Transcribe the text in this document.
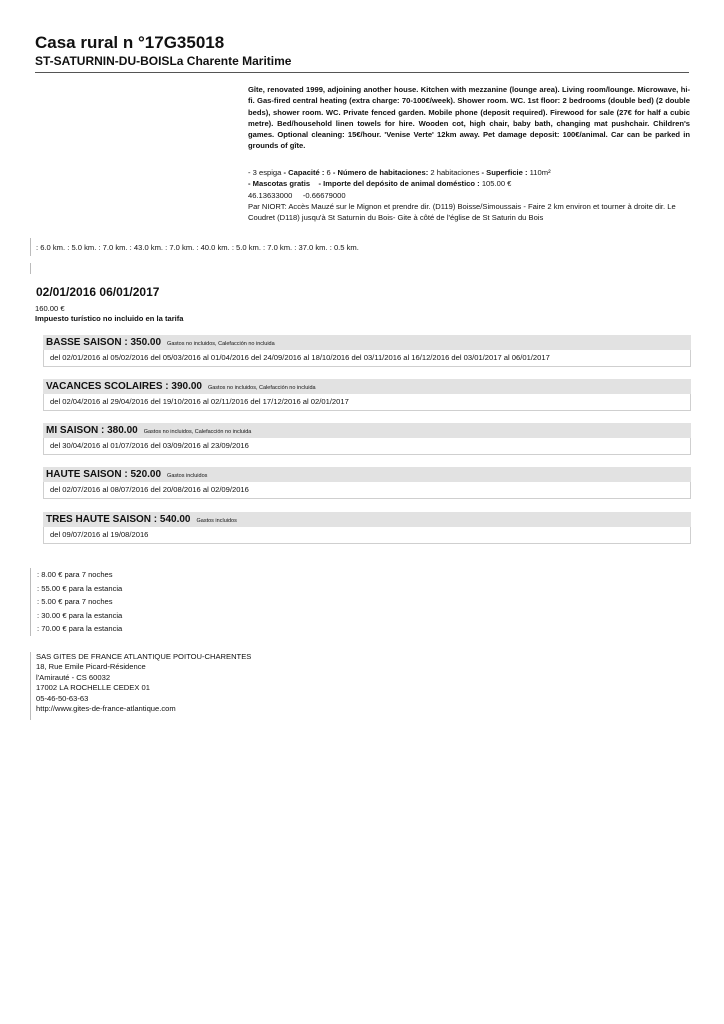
Casa rural n °17G35018
ST-SATURNIN-DU-BOISLa Charente Maritime
Gîte, renovated 1999, adjoining another house. Kitchen with mezzanine (lounge area). Living room/lounge. Microwave, hi-fi. Gas-fired central heating (extra charge: 70-100€/week). Shower room. WC. 1st floor: 2 bedrooms (double bed) (2 double beds), shower room. WC. Private fenced garden. Mobile phone (deposit required). Firewood for sale (27€ for half a cubic metre). Bed/household linen towels for hire. Wooden cot, high chair, baby bath, changing mat pushchair. Children's games. Optional cleaning: 15€/hour. 'Venise Verte' 12km away. Pet damage deposit: 100€/animal. Car can be parked in grounds of gîte.
- 3 espiga - Capacité : 6 - Número de habitaciones: 2 habitaciones - Superficie : 110m²
- Mascotas gratis - Importe del depósito de animal doméstico : 105.00 €
46.13633000 -0.66679000
Par NIORT: Accès Mauzé sur le Mignon et prendre dir. (D119) Boisse/Simoussais - Faire 2 km environ et tourner à droite dir. Le Coudret (D118) jusqu'à St Saturnin du Bois- Gite à côté de l'église de St Saturin du Bois
: 6.0 km. : 5.0 km. : 7.0 km. : 43.0 km. : 7.0 km. : 40.0 km. : 5.0 km. : 7.0 km. : 37.0 km. : 0.5 km.
02/01/2016 06/01/2017
160.00 €
Impuesto turístico no incluido en la tarifa
BASSE SAISON : 350.00 Gastos no incluidos, Calefacción no incluida
del 02/01/2016 al 05/02/2016 del 05/03/2016 al 01/04/2016 del 24/09/2016 al 18/10/2016 del 03/11/2016 al 16/12/2016 del 03/01/2017 al 06/01/2017
VACANCES SCOLAIRES : 390.00 Gastos no incluidos, Calefacción no incluida
del 02/04/2016 al 29/04/2016 del 19/10/2016 al 02/11/2016 del 17/12/2016 al 02/01/2017
MI SAISON : 380.00 Gastos no incluidos, Calefacción no incluida
del 30/04/2016 al 01/07/2016 del 03/09/2016 al 23/09/2016
HAUTE SAISON : 520.00 Gastos incluidos
del 02/07/2016 al 08/07/2016 del 20/08/2016 al 02/09/2016
TRES HAUTE SAISON : 540.00 Gastos incluidos
del 09/07/2016 al 19/08/2016
: 8.00 € para 7 noches
: 55.00 € para la estancia
: 5.00 € para 7 noches
: 30.00 € para la estancia
: 70.00 € para la estancia
SAS GITES DE FRANCE ATLANTIQUE POITOU-CHARENTES
18, Rue Emile Picard-Résidence
l'Amirauté - CS 60032
17002 LA ROCHELLE CEDEX 01
05-46-50-63-63
http://www.gites-de-france-atlantique.com
